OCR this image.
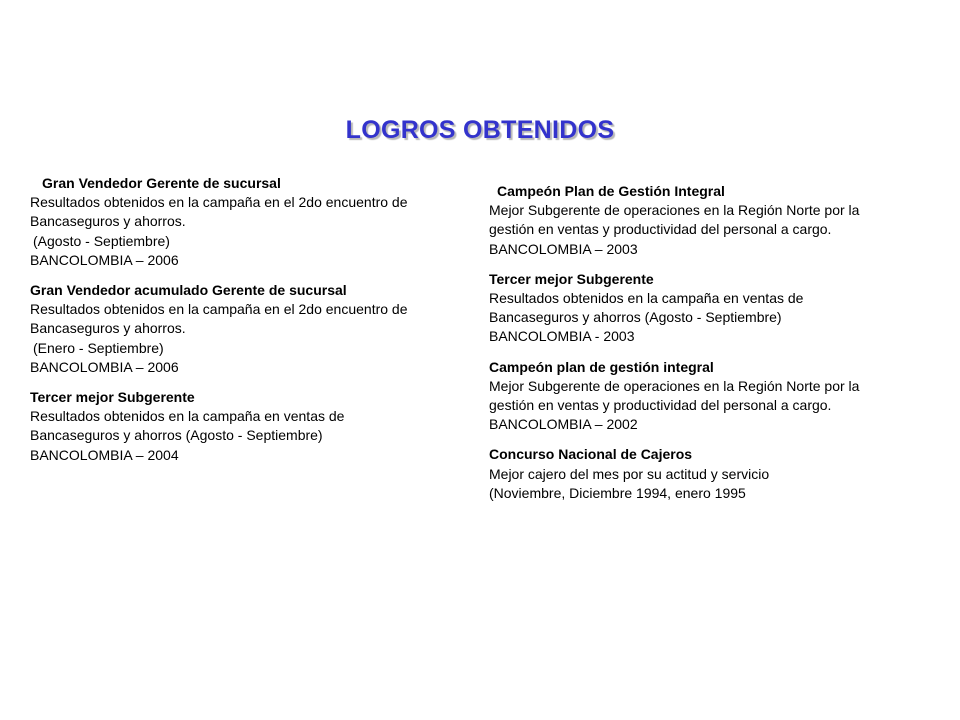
LOGROS OBTENIDOS
Gran Vendedor Gerente de sucursal
Resultados obtenidos en la campaña en el 2do encuentro de
Bancaseguros y ahorros.
(Agosto - Septiembre)
BANCOLOMBIA – 2006
Gran Vendedor acumulado Gerente de sucursal
Resultados obtenidos en la campaña en el 2do encuentro de
Bancaseguros y ahorros.
(Enero - Septiembre)
BANCOLOMBIA – 2006
Tercer mejor Subgerente
Resultados obtenidos en la campaña en ventas de
Bancaseguros y ahorros (Agosto - Septiembre)
BANCOLOMBIA – 2004
Campeón Plan de Gestión Integral
Mejor Subgerente de operaciones en la Región Norte por la
gestión en ventas y productividad del personal a cargo.
BANCOLOMBIA – 2003
Tercer mejor Subgerente
Resultados obtenidos en la campaña en ventas de
Bancaseguros y ahorros (Agosto - Septiembre)
BANCOLOMBIA - 2003
Campeón plan de gestión integral
Mejor Subgerente de operaciones en la Región Norte por la
gestión en ventas y productividad del personal a cargo.
BANCOLOMBIA – 2002
Concurso Nacional de Cajeros
Mejor cajero del mes por su actitud y servicio
(Noviembre, Diciembre 1994, enero 1995
